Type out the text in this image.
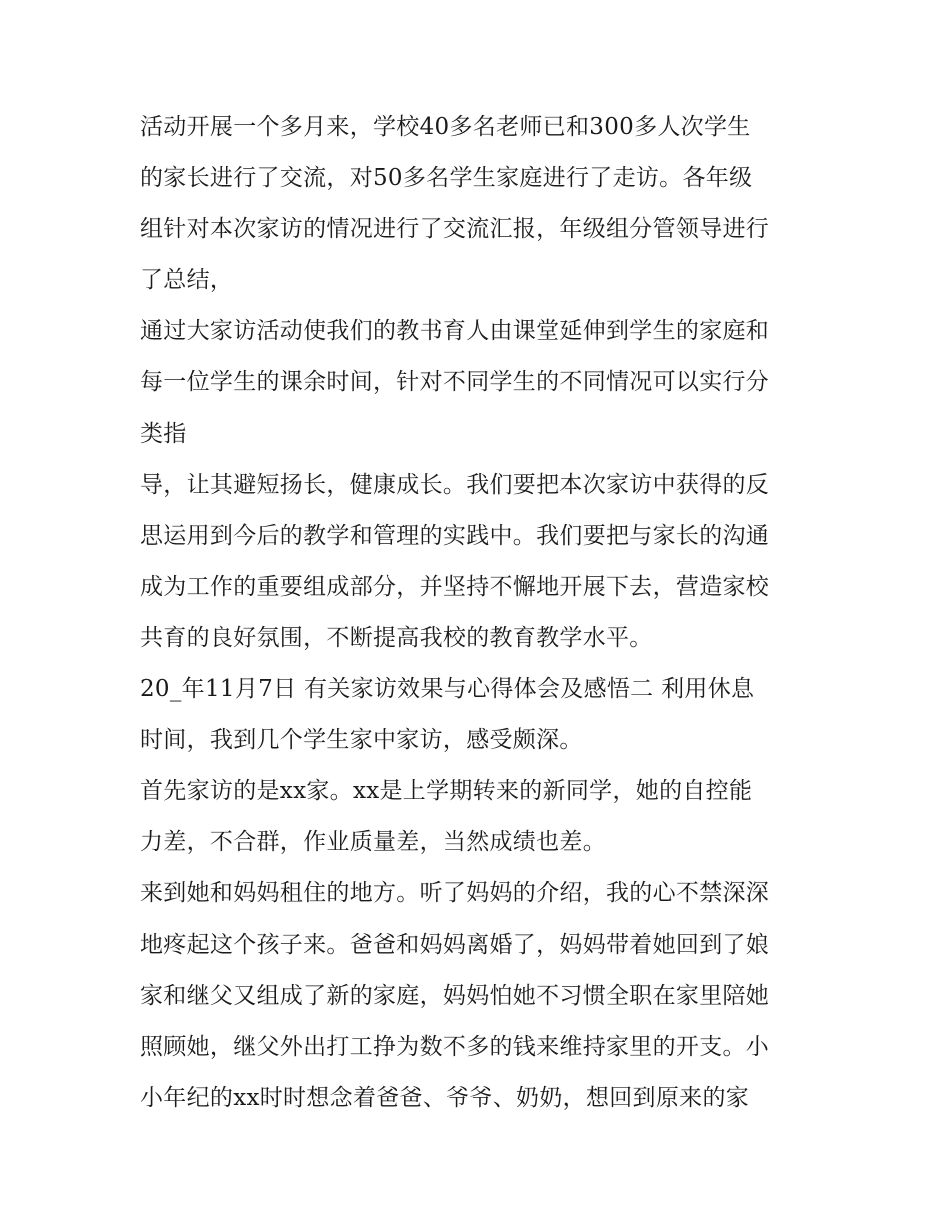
活动开展一个多月来，学校40多名老师已和300多人次学生
的家长进行了交流，对50多名学生家庭进行了走访。各年级
组针对本次家访的情况进行了交流汇报，年级组分管领导进行
了总结，
通过大家访活动使我们的教书育人由课堂延伸到学生的家庭和
每一位学生的课余时间，针对不同学生的不同情况可以实行分
类指
导，让其避短扬长，健康成长。我们要把本次家访中获得的反
思运用到今后的教学和管理的实践中。我们要把与家长的沟通
成为工作的重要组成部分，并坚持不懈地开展下去，营造家校
共育的良好氛围，不断提高我校的教育教学水平。
20_年11月7日 有关家访效果与心得体会及感悟二 利用休息
时间，我到几个学生家中家访，感受颇深。
首先家访的是xx家。xx是上学期转来的新同学，她的自控能
力差，不合群，作业质量差，当然成绩也差。
来到她和妈妈租住的地方。听了妈妈的介绍，我的心不禁深深
地疼起这个孩子来。爸爸和妈妈离婚了，妈妈带着她回到了娘
家和继父又组成了新的家庭，妈妈怕她不习惯全职在家里陪她
照顾她，继父外出打工挣为数不多的钱来维持家里的开支。小
小年纪的xx时时想念着爸爸、爷爷、奶奶，想回到原来的家
